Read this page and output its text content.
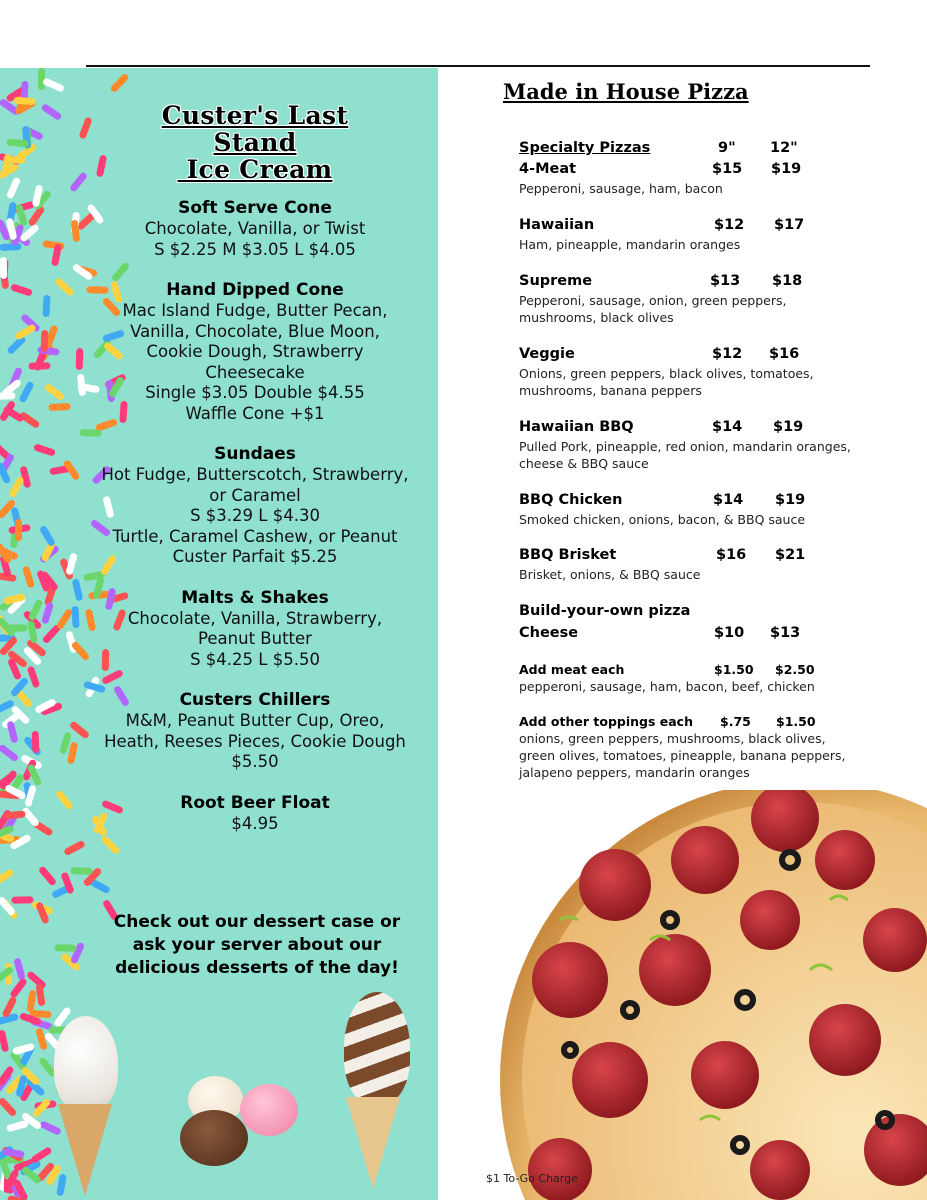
Custer's Last
Stand
Ice Cream
Soft Serve Cone

Chocolate, Vanilla, or Twist

S $2.25 M $3.05 L $4.05

Hand Dipped Cone

Mac Island Fudge, Butter Pecan, Vanilla, Chocolate, Blue Moon, Cookie Dough, Strawberry Cheesecake

Single $3.05 Double $4.55

Waffle Cone +$1

Sundaes

Hot Fudge, Butterscotch, Strawberry, or Caramel

S $3.29 L $4.30

Turtle, Caramel Cashew, or Peanut Custer Parfait $5.25

Malts & Shakes

Chocolate, Vanilla, Strawberry, Peanut Butter

S $4.25 L $5.50

Custers Chillers

M&M, Peanut Butter Cup, Oreo, Heath, Reeses Pieces, Cookie Dough

$5.50

Root Beer Float

$4.95

Check out our dessert case or ask your server about our delicious desserts of the day!
Made in House Pizza
Specialty Pizzas	9" 12"
4-Meat	$15 $19
Pepperoni, sausage, ham, bacon
Hawaiian	$12 $17
Ham, pineapple, mandarin oranges
Supreme	$13 $18
Pepperoni, sausage, onion, green peppers, mushrooms, black olives
Veggie	$12 $16
Onions, green peppers, black olives, tomatoes, mushrooms, banana peppers
Hawaiian BBQ	$14 $19
Pulled Pork, pineapple, red onion, mandarin oranges, cheese & BBQ sauce
BBQ Chicken	$14 $19
Smoked chicken, onions, bacon, & BBQ sauce
BBQ Brisket	$16 $21
Brisket, onions, & BBQ sauce
Build-your-own pizza
Cheese	$10 $13
Add meat each	$1.50 $2.50
pepperoni, sausage, ham, bacon, beef, chicken
Add other toppings each $.75 $1.50
onions, green peppers, mushrooms, black olives, green olives, tomatoes, pineapple, banana peppers, jalapeno peppers, mandarin oranges
$1 To-Go Charge
